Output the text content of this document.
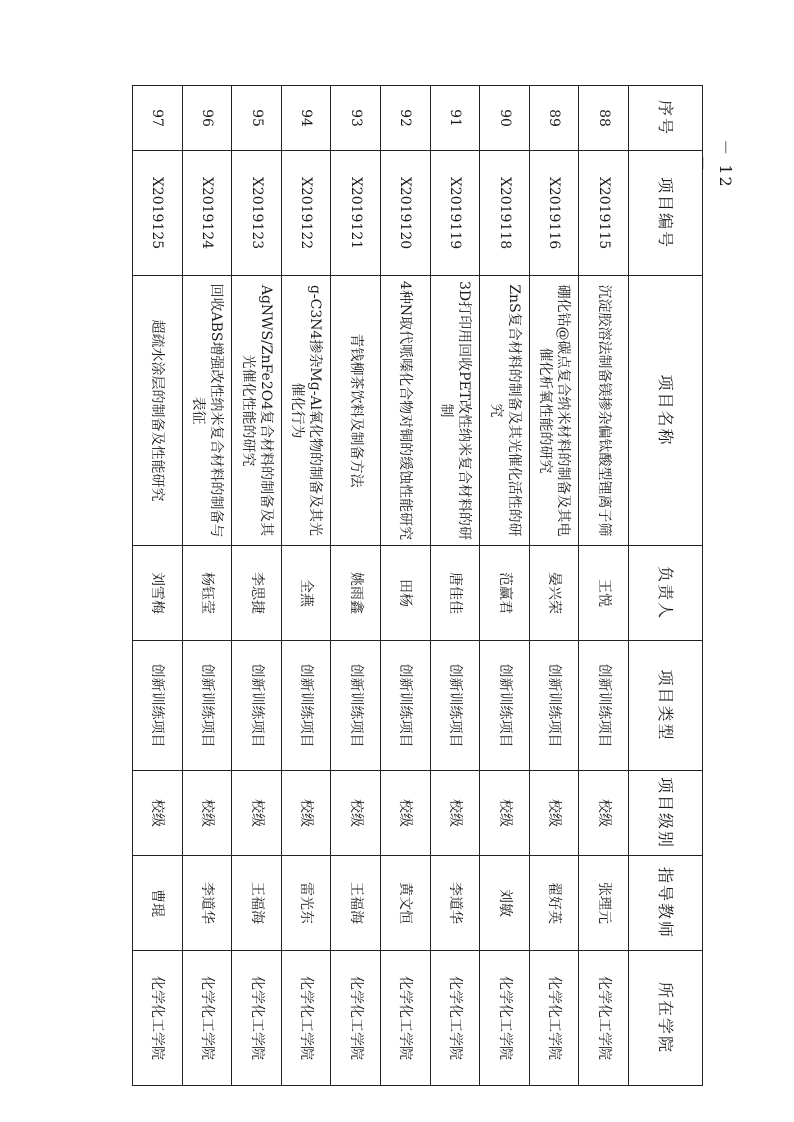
序号	项目编号	项目名称	负责人	项目类型	项目级别	指导教师	所在学院
88	X2019115	沉淀胶溶法制备镁掺杂偏钛酸型锂离子筛	王悦	创新训练项目	校级	张理元	化学化工学院
89	X2019116	硼化钴@碳点复合纳米材料的制备及其电催化析氧性能的研究	晏兴荣	创新训练项目	校级	翟好英	化学化工学院
90	X2019118	ZnS复合材料的制备及其光催化活性的研究	范赢君	创新训练项目	校级	刘敏	化学化工学院
91	X2019119	3D打印用回收PET改性纳米复合材料的研制	唐佳佳	创新训练项目	校级	李道华	化学化工学院
92	X2019120	4种N取代哌嗪化合物对铜的缓蚀性能研究	田杨	创新训练项目	校级	黄文恒	化学化工学院
93	X2019121	青钱柳茶饮料及制备方法	姚雨鑫	创新训练项目	校级	王福海	化学化工学院
94	X2019122	g-C3N4掺杂Mg-Al氧化物的制备及其光催化行为	全燕	创新训练项目	校级	雷光东	化学化工学院
95	X2019123	AgNWS/ZnFe2O4复合材料的制备及其光催化性能的研究	李思捷	创新训练项目	校级	王福海	化学化工学院
96	X2019124	回收ABS增强改性纳米复合材料的制备与表征	杨钰莹	创新训练项目	校级	李道华	化学化工学院
97	X2019125	超疏水涂层的制备及性能研究	刘雪梅	创新训练项目	校级	曹琨	化学化工学院
－ 12 －
